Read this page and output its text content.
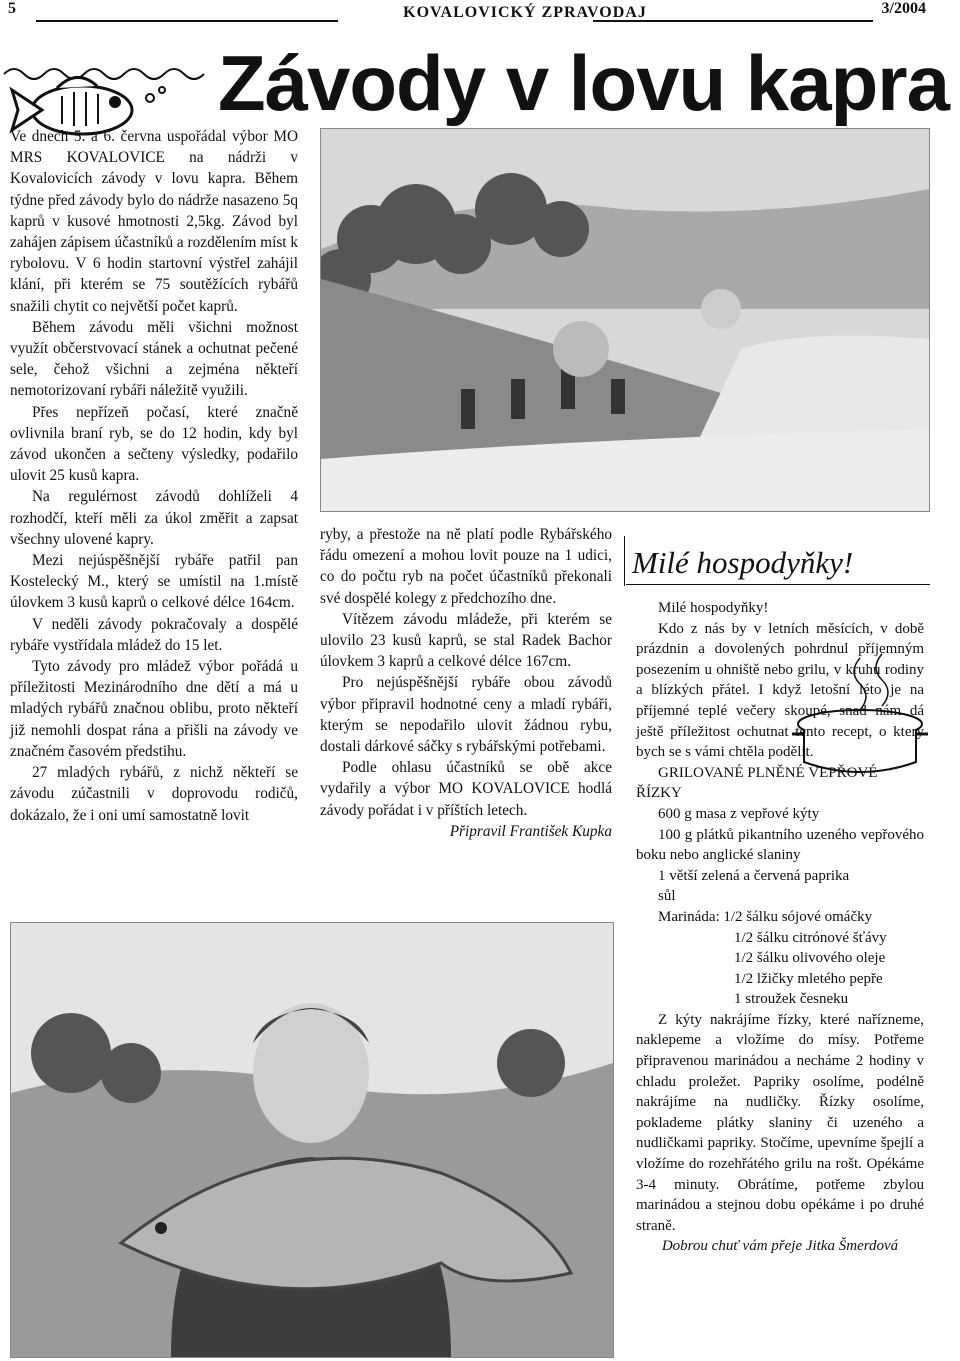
5	KOVALOVICKÝ ZPRAVODAJ	3/2004
Závody v lovu kapra

Ve dnech 5. a 6. června uspořádal výbor MO MRS KOVALOVICE na nádrži v Kovalovicích závody v lovu kapra. Během týdne před závody bylo do nádrže nasazeno 5q kaprů v kusové hmotnosti 2,5kg. Závod byl zahájen zápisem účastníků a rozdělením míst k rybolovu. V 6 hodin startovní výstřel zahájil klání, při kterém se 75 soutěžících rybářů snažili chytit co největší počet kaprů.

Během závodu měli všichni možnost využít občerstvovací stánek a ochutnat pečené sele, čehož všichni a zejména někteří nemotorizovaní rybáři náležitě využili.

Přes nepřízeň počasí, které značně ovlivnila braní ryb, se do 12 hodin, kdy byl závod ukončen a sečteny výsledky, podařilo ulovit 25 kusů kapra.

Na regulérnost závodů dohlíželi 4 rozhodčí, kteří měli za úkol změřit a zapsat všechny ulovené kapry.

Mezi nejúspěšnější rybáře patřil pan Kostelecký M., který se umístil na 1.místě úlovkem 3 kusů kaprů o celkové délce 164cm.

V neděli závody pokračovaly a dospělé rybáře vystřídala mládež do 15 let.

Tyto závody pro mládež výbor pořádá u příležitosti Mezinárodního dne dětí a má u mladých rybářů značnou oblibu, proto někteří již nemohli dospat rána a přišli na závody ve značném časovém předstihu.

27 mladých rybářů, z nichž někteří se závodu zúčastnili v doprovodu rodičů, dokázalo, že i oni umí samostatně lovit

ryby, a přestože na ně platí podle Rybářského řádu omezení a mohou lovit pouze na 1 udici, co do počtu ryb na počet účastníků překonali své dospělé kolegy z předchozího dne.

Vítězem závodu mládeže, při kterém se ulovilo 23 kusů kaprů, se stal Radek Bachor úlovkem 3 kaprů a celkové délce 167cm.

Pro nejúspěšnější rybáře obou závodů výbor připravil hodnotné ceny a mladí rybáři, kterým se nepodařilo ulovit žádnou rybu, dostali dárkové sáčky s rybářskými potřebami.

Podle ohlasu účastníků se obě akce vydařily a výbor MO KOVALOVICE hodlá závody pořádat i v příštích letech.

Připravil František Kupka

Milé hospodyňky!

Milé hospodyňky!

Kdo z nás by v letních měsících, v době prázdnin a dovolených pohrdnul příjemným posezením u ohniště nebo grilu, v kruhu rodiny a blízkých přátel. I když letošní léto je na příjemné teplé večery skoupé, snad nám dá ještě příležitost ochutnat tento recept, o který bych se s vámi chtěla podělit.

GRILOVANÉ PLNĚNÉ VEPŘOVÉ ŘÍZKY

600 g masa z vepřové kýty

100 g plátků pikantního uzeného vepřového boku nebo anglické slaniny

1 větší zelená a červená paprika

sůl

Marináda: 1/2 šálku sójové omáčky

1/2 šálku citrónové šťávy

1/2 šálku olivového oleje

1/2 lžičky mletého pepře

1 stroužek česneku

Z kýty nakrájíme řízky, které nařízneme, naklepeme a vložíme do mísy. Potřeme připravenou marinádou a necháme 2 hodiny v chladu proležet. Papriky osolíme, podélně nakrájíme na nudličky. Řízky osolíme, poklademe plátky slaniny či uzeného a nudličkami papriky. Stočíme, upevníme špejlí a vložíme do rozehřátého grilu na rošt. Opékáme 3-4 minuty. Obrátíme, potřeme zbylou marinádou a stejnou dobu opékáme i po druhé straně.

Dobrou chuť vám přeje Jitka Šmerdová
